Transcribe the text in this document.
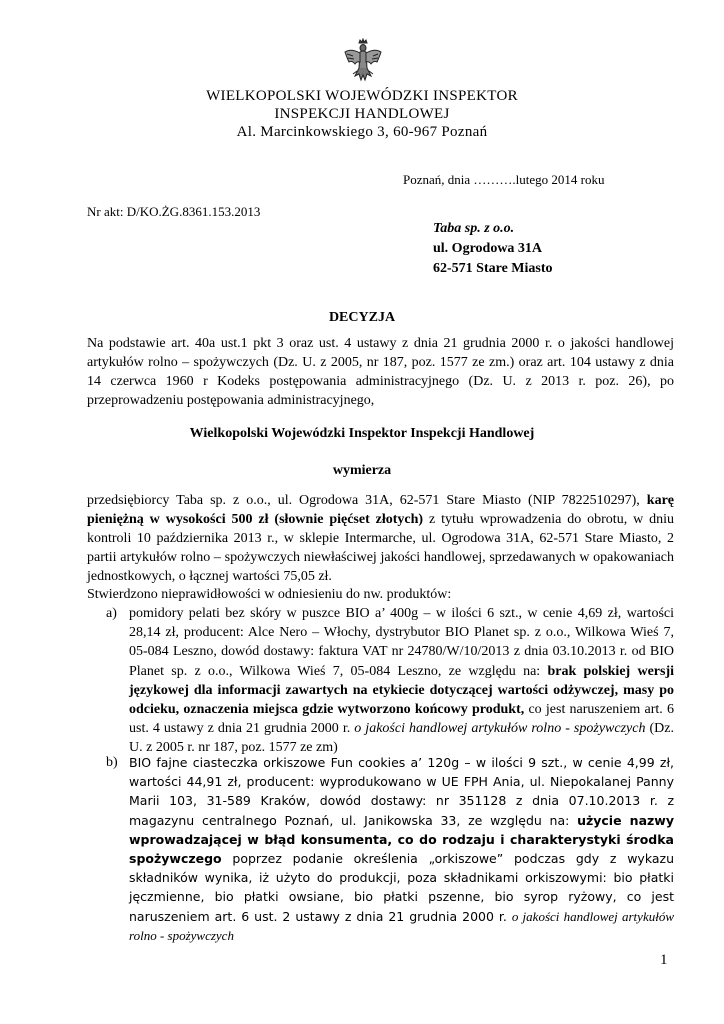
WIELKOPOLSKI WOJEWÓDZKI INSPEKTOR
INSPEKCJI HANDLOWEJ
Al. Marcinkowskiego 3, 60-967 Poznań
Poznań, dnia ……….lutego 2014 roku
Nr akt: D/KO.ŻG.8361.153.2013
Taba sp. z o.o.
ul. Ogrodowa 31A
62-571 Stare Miasto
DECYZJA
Na podstawie art. 40a ust.1 pkt 3 oraz ust. 4 ustawy z dnia 21 grudnia 2000 r. o jakości handlowej artykułów rolno – spożywczych (Dz. U. z 2005, nr 187, poz. 1577 ze zm.) oraz art. 104 ustawy z dnia 14 czerwca 1960 r Kodeks postępowania administracyjnego (Dz. U. z 2013 r. poz. 26), po przeprowadzeniu postępowania administracyjnego,
Wielkopolski Wojewódzki Inspektor Inspekcji Handlowej
wymierza
przedsiębiorcy Taba sp. z o.o., ul. Ogrodowa 31A, 62-571 Stare Miasto (NIP 7822510297), karę pieniężną w wysokości 500 zł (słownie pięćset złotych) z tytułu wprowadzenia do obrotu, w dniu kontroli 10 października 2013 r., w sklepie Intermarche, ul. Ogrodowa 31A, 62-571 Stare Miasto, 2 partii artykułów rolno – spożywczych niewłaściwej jakości handlowej, sprzedawanych w opakowaniach jednostkowych, o łącznej wartości 75,05 zł.
Stwierdzono nieprawidłowości w odniesieniu do nw. produktów:
a) pomidory pelati bez skóry w puszce BIO a’ 400g – w ilości 6 szt., w cenie 4,69 zł, wartości 28,14 zł, producent: Alce Nero – Włochy, dystrybutor BIO Planet sp. z o.o., Wilkowa Wieś 7, 05-084 Leszno, dowód dostawy: faktura VAT nr 24780/W/10/2013 z dnia 03.10.2013 r. od BIO Planet sp. z o.o., Wilkowa Wieś 7, 05-084 Leszno, ze względu na: brak polskiej wersji językowej dla informacji zawartych na etykiecie dotyczącej wartości odżywczej, masy po odcieku, oznaczenia miejsca gdzie wytworzono końcowy produkt, co jest naruszeniem art. 6 ust. 4 ustawy z dnia 21 grudnia 2000 r. o jakości handlowej artykułów rolno - spożywczych (Dz. U. z 2005 r. nr 187, poz. 1577 ze zm)
b) BIO fajne ciasteczka orkiszowe Fun cookies a’ 120g – w ilości 9 szt., w cenie 4,99 zł, wartości 44,91 zł, producent: wyprodukowano w UE FPH Ania, ul. Niepokalanej Panny Marii 103, 31-589 Kraków, dowód dostawy: nr 351128 z dnia 07.10.2013 r. z magazynu centralnego Poznań, ul. Janikowska 33, ze względu na: użycie nazwy wprowadzającej w błąd konsumenta, co do rodzaju i charakterystyki środka spożywczego poprzez podanie określenia „orkiszowe” podczas gdy z wykazu składników wynika, iż użyto do produkcji, poza składnikami orkiszowymi: bio płatki jęczmienne, bio płatki owsiane, bio płatki pszenne, bio syrop ryżowy, co jest naruszeniem art. 6 ust. 2 ustawy z dnia 21 grudnia 2000 r. o jakości handlowej artykułów rolno - spożywczych
1
